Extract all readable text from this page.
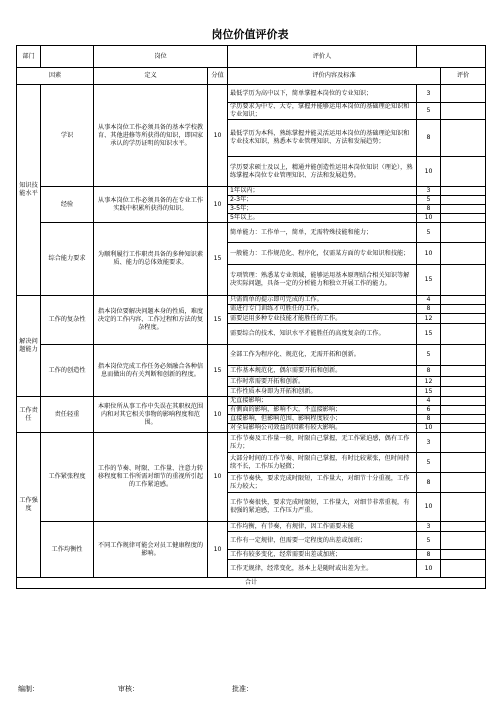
岗位价值评价表
部门		岗位		评价人		
因素		定义	分值	评价内容及标准		评价
知识技能水平	学识	从事本岗位工作必须具备的基本学校教育、其他进修等所获得的知识，即国家承认的学历证明的知识水平。	10	最低学历为高中以下，简单掌握本岗位的专业知识；	3	
				学历要求为中专、大专，掌握并能够运用本岗位的基础理论知识和专业知识；	5	
				最低学历为本科，熟练掌握并能灵活运用本岗位的基础理论知识和专业技术知识，熟悉本专业管理知识、方法和发展趋势；	8	
				学历要求硕士及以上，精通并能创造性运用本岗位知识（理论），熟练掌握本岗位专业管理知识、方法和发展趋势。	10	
	经验	从事本岗位工作必须具备的在专业工作实践中积累所获得的知识。	10	1年以内；	3	
				2-3年；	5	
				3-5年；	8	
				5年以上。	10	
	综合能力要求	为顺利履行工作职责具备的多种知识素质、能力的总体效能要求。	15	简单能力：工作单一，简单，无需特殊技能和能力；	5	
				一般能力：工作规范化、程序化，仅需某方面的专业知识和技能；	10	
				专项管理：熟悉某专业领域，能够运用基本原理结合相关知识等解决实际问题，具备一定的分析能力和独立开展工作的能力。	15	
解决问题能力	工作的复杂性	指本岗位要解决问题本身的性质，难度决定的工作内容、工作过程和方法的复杂程度。	15	只需简单的提示即可完成的工作。	4	
				需进行专门训练才可胜任的工作。	8	
				需要运用多种专业技能才能胜任的工作。	12	
				需要综合的技术、知识水平才能胜任的高度复杂的工作。	15	
	工作的创造性	指本岗位完成工作任务必须融合各种信息而做出的有关判断和创新的程度。	15	全部工作为程序化、规范化，无需开拓和创新。	5	
				工作基本规范化，偶尔需要开拓和创新。	8	
				工作时常需要开拓和创新。	12	
				工作性质本身即为开拓和创新。	15	
工作责任	责任轻重	本职位所从事工作中失误在其职权范围内和对其它相关事物的影响程度和范围。	10	无直接影响；	4	
				有侧面的影响，影响不大，不直接影响；	6	
				直接影响，但影响范围、影响程度较小；	8	
				对全局影响公司效益的因素有较大影响。	10	
工作强度	工作紧张程度	工作的节奏、时限、工作量、注意力转移程度和工作所需对细节的重视所引起的工作紧迫感。	10	工作节奏及工作量一般，时限自己掌握，无工作紧迫感，偶有工作压力；	3	
				大部分时间的工作节奏、时限自己掌握，有时比较紧张，但时间持续不长，工作压力轻微；	5	
				工作节奏快，要求完成时限短，工作量大，对细节十分重视，工作压力较大；	8	
				工作节奏很快，要求完成时限短，工作量大，对细节非常重视，有很强的紧迫感，工作压力严重。	10	
	工作均衡性	不同工作规律可能会对员工健康程度的影响。	10	工作均衡，有节奏，有规律，因工作需要未能	3	
				工作有一定规律，但需要一定程度的出差或加班；	5	
				工作有较多变化，经常需要出差或加班；	8	
				工作无规律，经常变化，基本上是随时或出差为主。	10	
合计						
编制：	审核：	批准：
